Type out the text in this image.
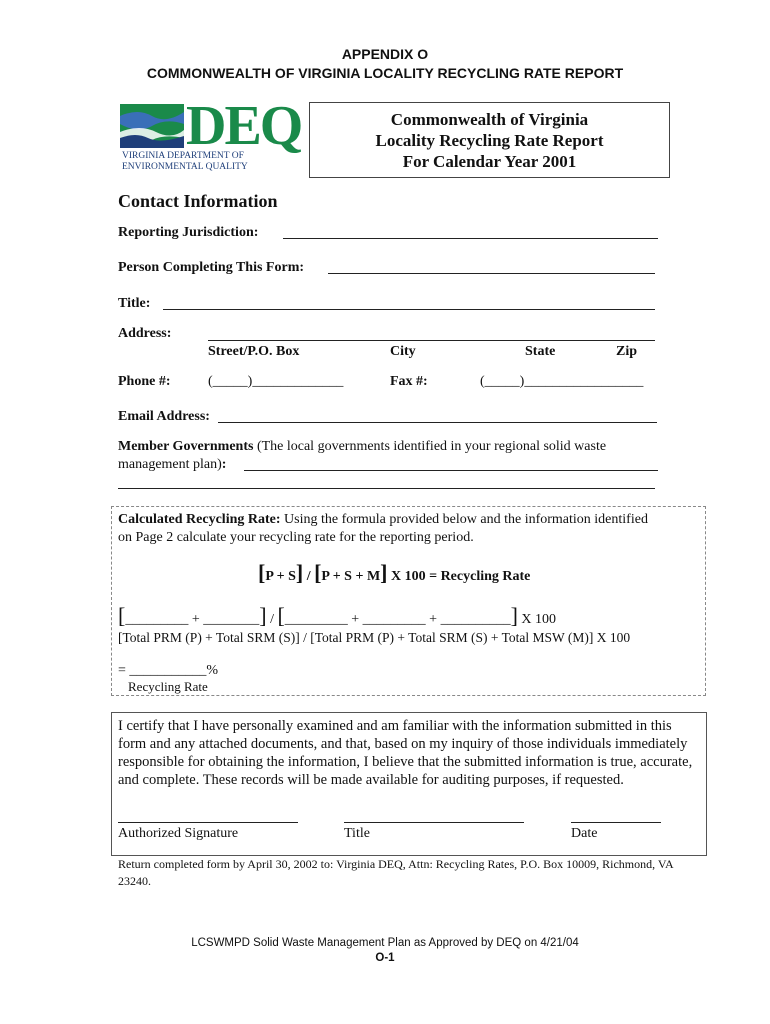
APPENDIX O
COMMONWEALTH OF VIRGINIA LOCALITY RECYCLING RATE REPORT
DEQ
VIRGINIA DEPARTMENT OF
ENVIRONMENTAL QUALITY
Commonwealth of Virginia
Locality Recycling Rate Report
For Calendar Year 2001
Contact Information
Reporting Jurisdiction:
Person Completing This Form:
Title:
Address:
Street/P.O. Box	City	State	Zip
Phone #:	(_____)_____________	Fax #:	(_____)_________________
Email Address:
Member Governments (The local governments identified in your regional solid waste
management plan):
Calculated Recycling Rate: Using the formula provided below and the information identified
on Page 2 calculate your recycling rate for the reporting period.
[P + S] / [P + S + M] X 100 = Recycling Rate
[_________ + ________] / [_________ + _________ + __________] X 100
[Total PRM (P) + Total SRM (S)] / [Total PRM (P) + Total SRM (S) + Total MSW (M)] X 100
= ___________%
Recycling Rate
I certify that I have personally examined and am familiar with the information submitted in this form and any attached documents, and that, based on my inquiry of those individuals immediately responsible for obtaining the information, I believe that the submitted information is true, accurate, and complete. These records will be made available for auditing purposes, if requested.
Authorized Signature	Title	Date
Return completed form by April 30, 2002 to: Virginia DEQ, Attn: Recycling Rates, P.O. Box 10009, Richmond, VA 23240.
LCSWMPD Solid Waste Management Plan as Approved by DEQ on 4/21/04
O-1
